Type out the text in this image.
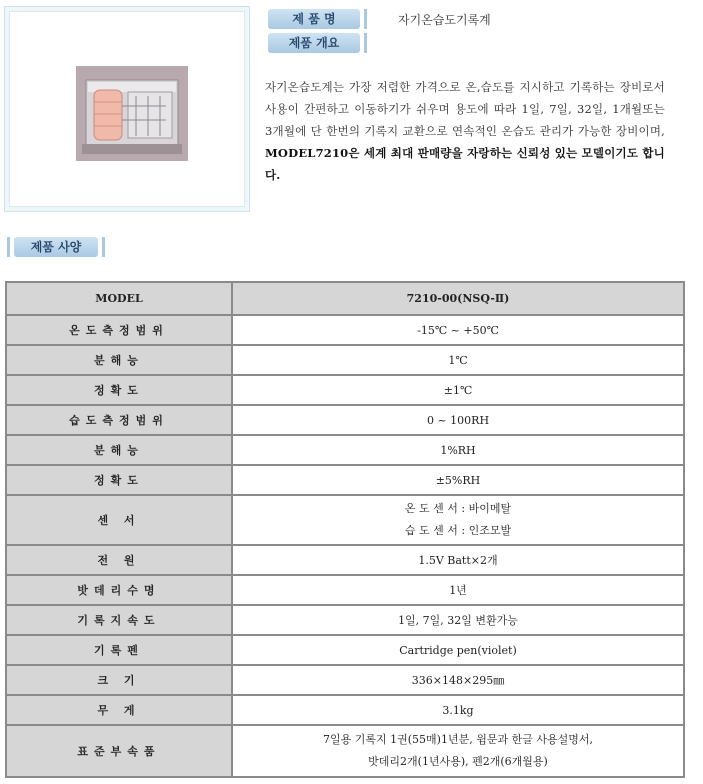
제 품 명	자기온습도기록계
제품 개요
자기온습도계는 가장 저렴한 가격으로 온,습도를 지시하고 기록하는 장비로서 사용이 간편하고 이동하기가 쉬우며 용도에 따라 1일, 7일, 32일, 1개월또는 3개월에 단 한번의 기록지 교환으로 연속적인 온습도 관리가 가능한 장비이며, MODEL7210은 세계 최대 판매량을 자랑하는 신뢰성 있는 모델이기도 합니다.
제품 사양
MODEL	7210-00(NSQ-Ⅱ)
온도측정범위	-15℃ ~ +50℃
분해능	1℃
정확도	±1℃
습도측정범위	0 ~ 100RH
분해능	1%RH
정확도	±5%RH
센 서	온 도 센 서 : 바이메탈
습 도 센 서 : 인조모발

전 원	1.5V Batt×2개
밧데리수명	1년
기록지속도	1일, 7일, 32일 변환가능
기록펜	Cartridge pen(violet)
크 기	336×148×295㎜
무 게	3.1kg
표준부속품	7일용 기록지 1권(55매)1년분, 윔문과 한글 사용설명서,
밧데리2개(1년사용), 펜2개(6개월용)
